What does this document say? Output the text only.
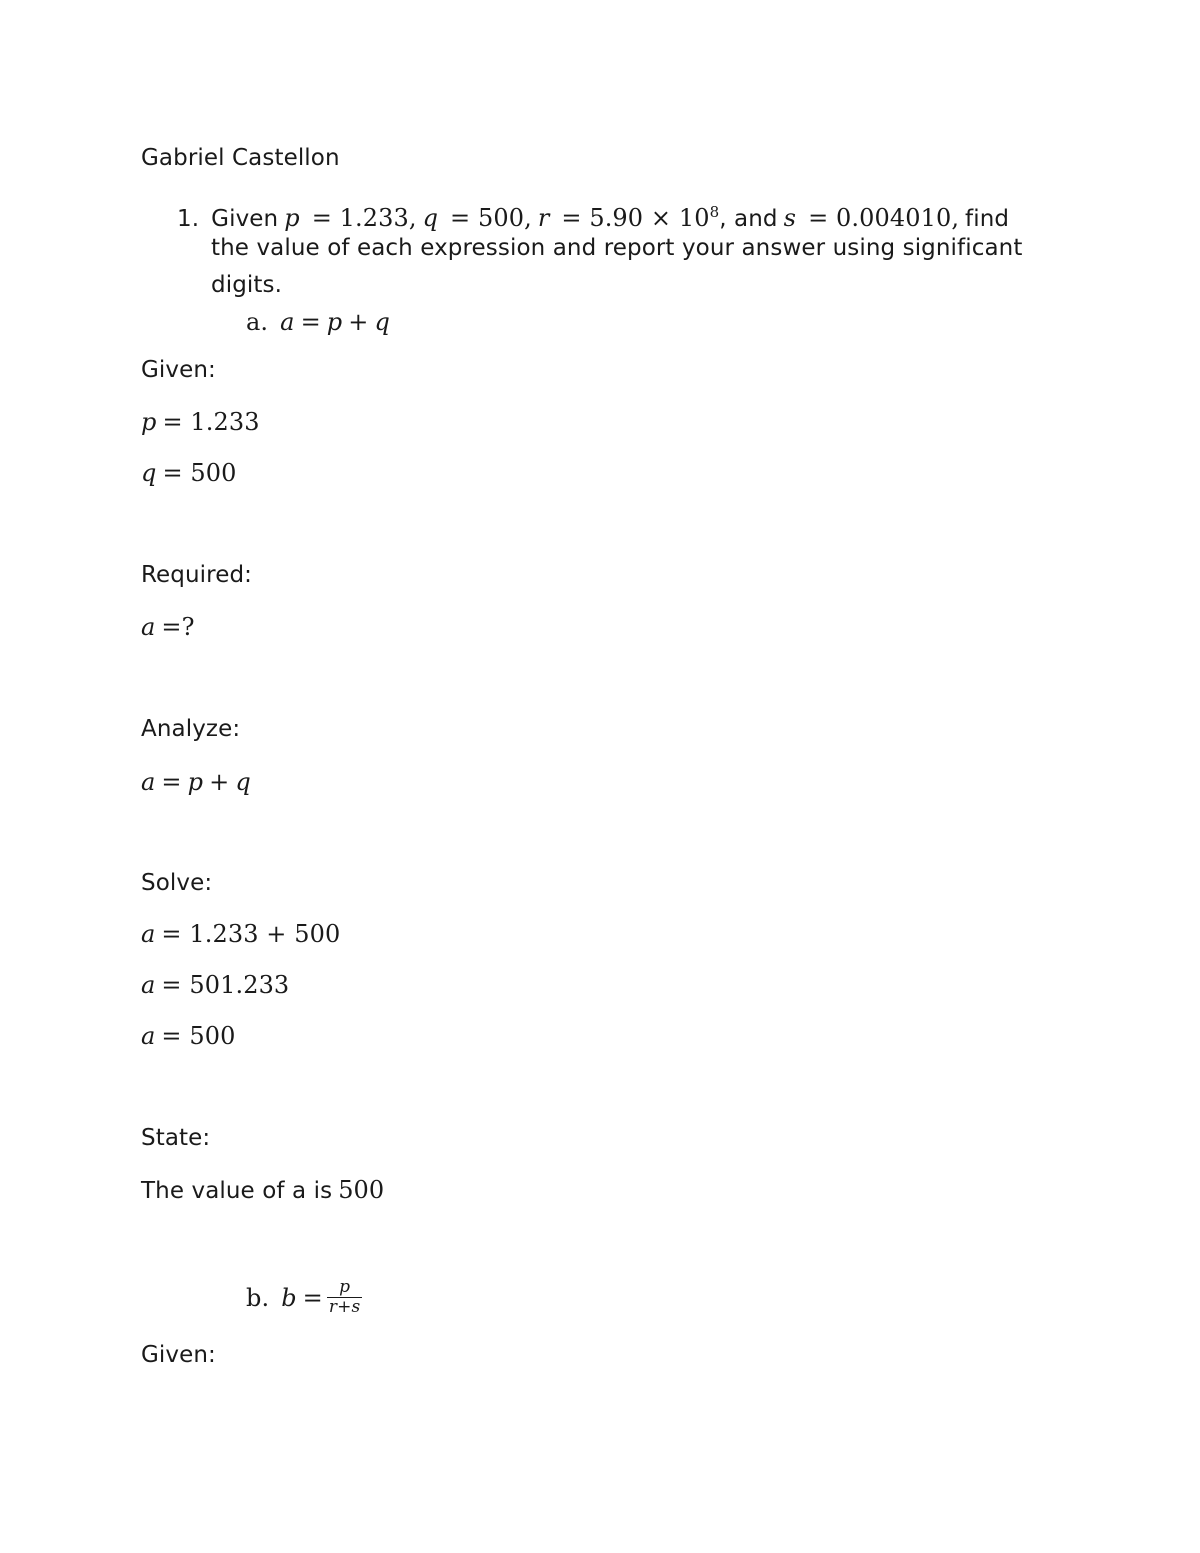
Gabriel Castellon
1. Given p = 1.233, q = 500, $r = 5.90 \times 10^8$, and s = 0.004010, find
the value of each expression and report your answer using significant
digits.
a. a = p + q
Given:
p = 1.233
q = 500
Required:
a =?
Analyze:
a = p + q
Solve:
a = 1.233 + 500
a = 501.233
a = 500
State:
The value of a is 500
b. $b = \frac{p}{r+s}$
Given:
